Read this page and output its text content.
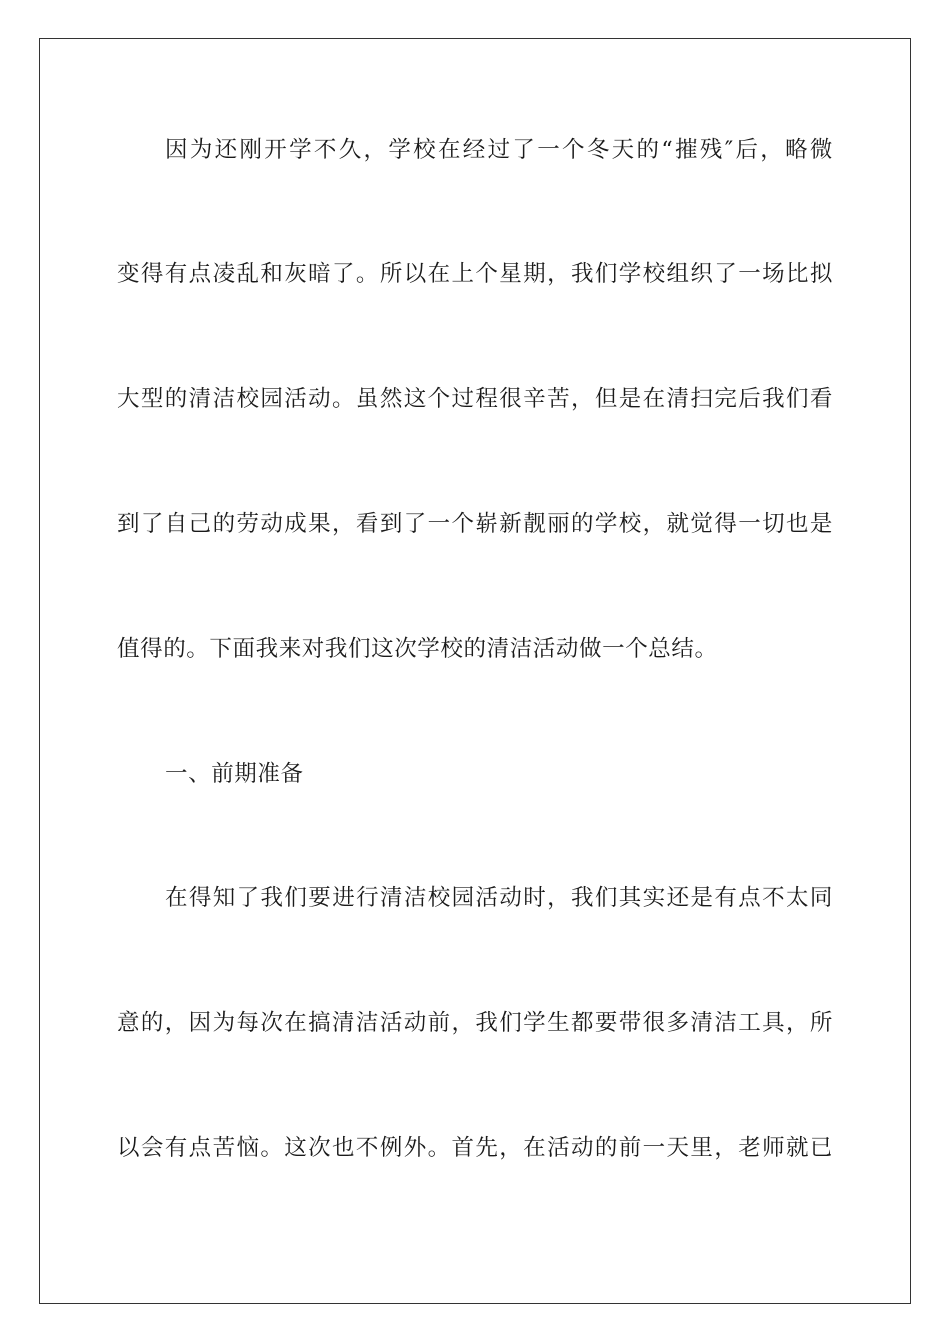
因为还刚开学不久，学校在经过了一个冬天的“摧残″后，略微
变得有点凌乱和灰暗了。所以在上个星期，我们学校组织了一场比拟
大型的清洁校园活动。虽然这个过程很辛苦，但是在清扫完后我们看
到了自己的劳动成果，看到了一个崭新靓丽的学校，就觉得一切也是
值得的。下面我来对我们这次学校的清洁活动做一个总结。
一、前期准备
在得知了我们要进行清洁校园活动时，我们其实还是有点不太同
意的，因为每次在搞清洁活动前，我们学生都要带很多清洁工具，所
以会有点苦恼。这次也不例外。首先，在活动的前一天里，老师就已
